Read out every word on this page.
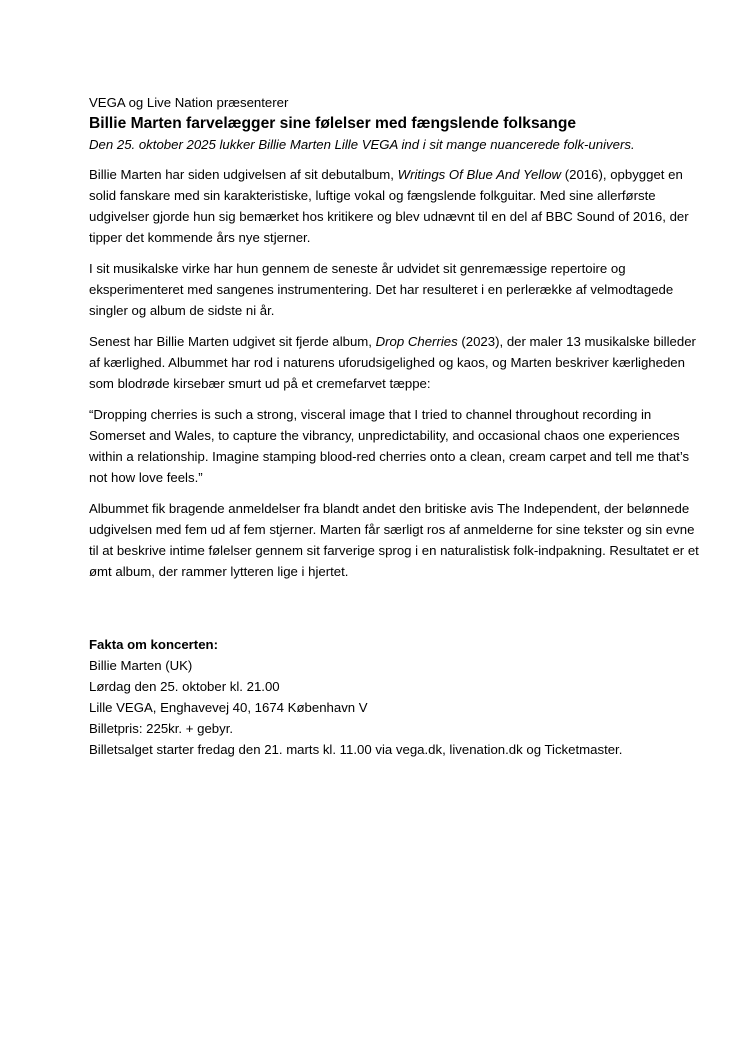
VEGA og Live Nation præsenterer

Billie Marten farvelægger sine følelser med fængslende folksange

Den 25. oktober 2025 lukker Billie Marten Lille VEGA ind i sit mange nuancerede folk-univers.

Billie Marten har siden udgivelsen af sit debutalbum, Writings Of Blue And Yellow (2016), opbygget en solid fanskare med sin karakteristiske, luftige vokal og fængslende folkguitar. Med sine allerførste udgivelser gjorde hun sig bemærket hos kritikere og blev udnævnt til en del af BBC Sound of 2016, der tipper det kommende års nye stjerner.

I sit musikalske virke har hun gennem de seneste år udvidet sit genremæssige repertoire og eksperimenteret med sangenes instrumentering. Det har resulteret i en perlerække af velmodtagede singler og album de sidste ni år.

Senest har Billie Marten udgivet sit fjerde album, Drop Cherries (2023), der maler 13 musikalske billeder af kærlighed. Albummet har rod i naturens uforudsigelighed og kaos, og Marten beskriver kærligheden som blodrøde kirsebær smurt ud på et cremefarvet tæppe:

“Dropping cherries is such a strong, visceral image that I tried to channel throughout recording in Somerset and Wales, to capture the vibrancy, unpredictability, and occasional chaos one experiences within a relationship. Imagine stamping blood-red cherries onto a clean, cream carpet and tell me that’s not how love feels.”

Albummet fik bragende anmeldelser fra blandt andet den britiske avis The Independent, der belønnede udgivelsen med fem ud af fem stjerner. Marten får særligt ros af anmelderne for sine tekster og sin evne til at beskrive intime følelser gennem sit farverige sprog i en naturalistisk folk-indpakning. Resultatet er et ømt album, der rammer lytteren lige i hjertet.

Fakta om koncerten:

Billie Marten (UK)

Lørdag den 25. oktober kl. 21.00

Lille VEGA, Enghavevej 40, 1674 København V

Billetpris: 225kr. + gebyr.

Billetsalget starter fredag den 21. marts kl. 11.00 via vega.dk, livenation.dk og Ticketmaster.
